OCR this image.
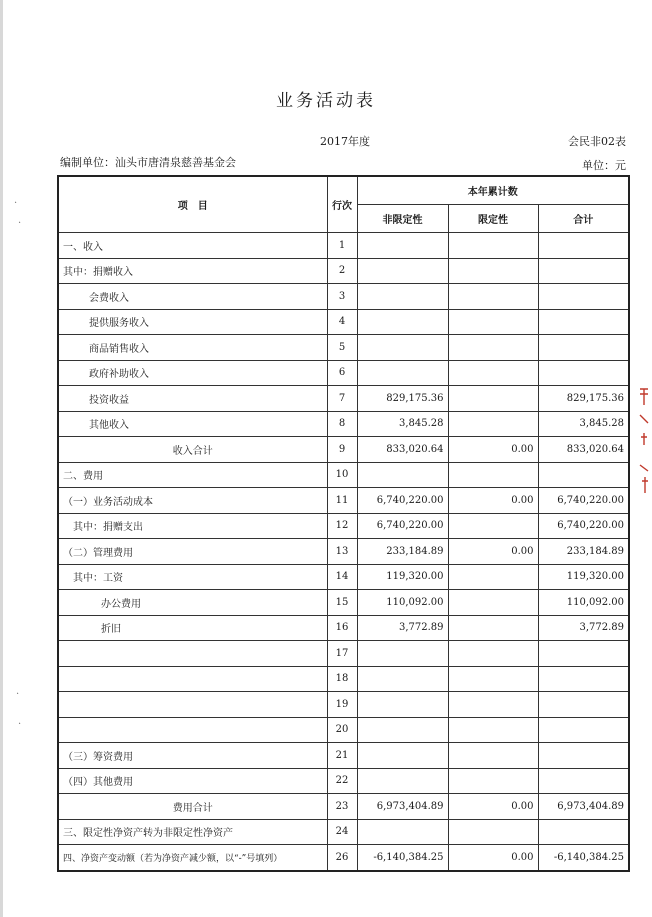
业务活动表
2017年度	会民非02表
编制单位：汕头市唐清泉慈善基金会	单位：元
.
.
.
.
项　目	行次	本年累计数		
		非限定性	限定性	合计
一、收入	1			
其中：捐赠收入	2			
会费收入	3			
提供服务收入	4			
商品销售收入	5			
政府补助收入	6			
投资收益	7	829,175.36		829,175.36
其他收入	8	3,845.28		3,845.28
收入合计	9	833,020.64	0.00	833,020.64
二、费用	10			
（一）业务活动成本	11	6,740,220.00	0.00	6,740,220.00
其中：捐赠支出	12	6,740,220.00		6,740,220.00
（二）管理费用	13	233,184.89	0.00	233,184.89
其中：工资	14	119,320.00		119,320.00
办公费用	15	110,092.00		110,092.00
折旧	16	3,772.89		3,772.89
	17			
	18			
	19			
	20			
（三）筹资费用	21			
（四）其他费用	22			
费用合计	23	6,973,404.89	0.00	6,973,404.89
三、限定性净资产转为非限定性净资产	24			
四、净资产变动额（若为净资产减少额，以“-”号填列）	26	-6,140,384.25	0.00	-6,140,384.25
